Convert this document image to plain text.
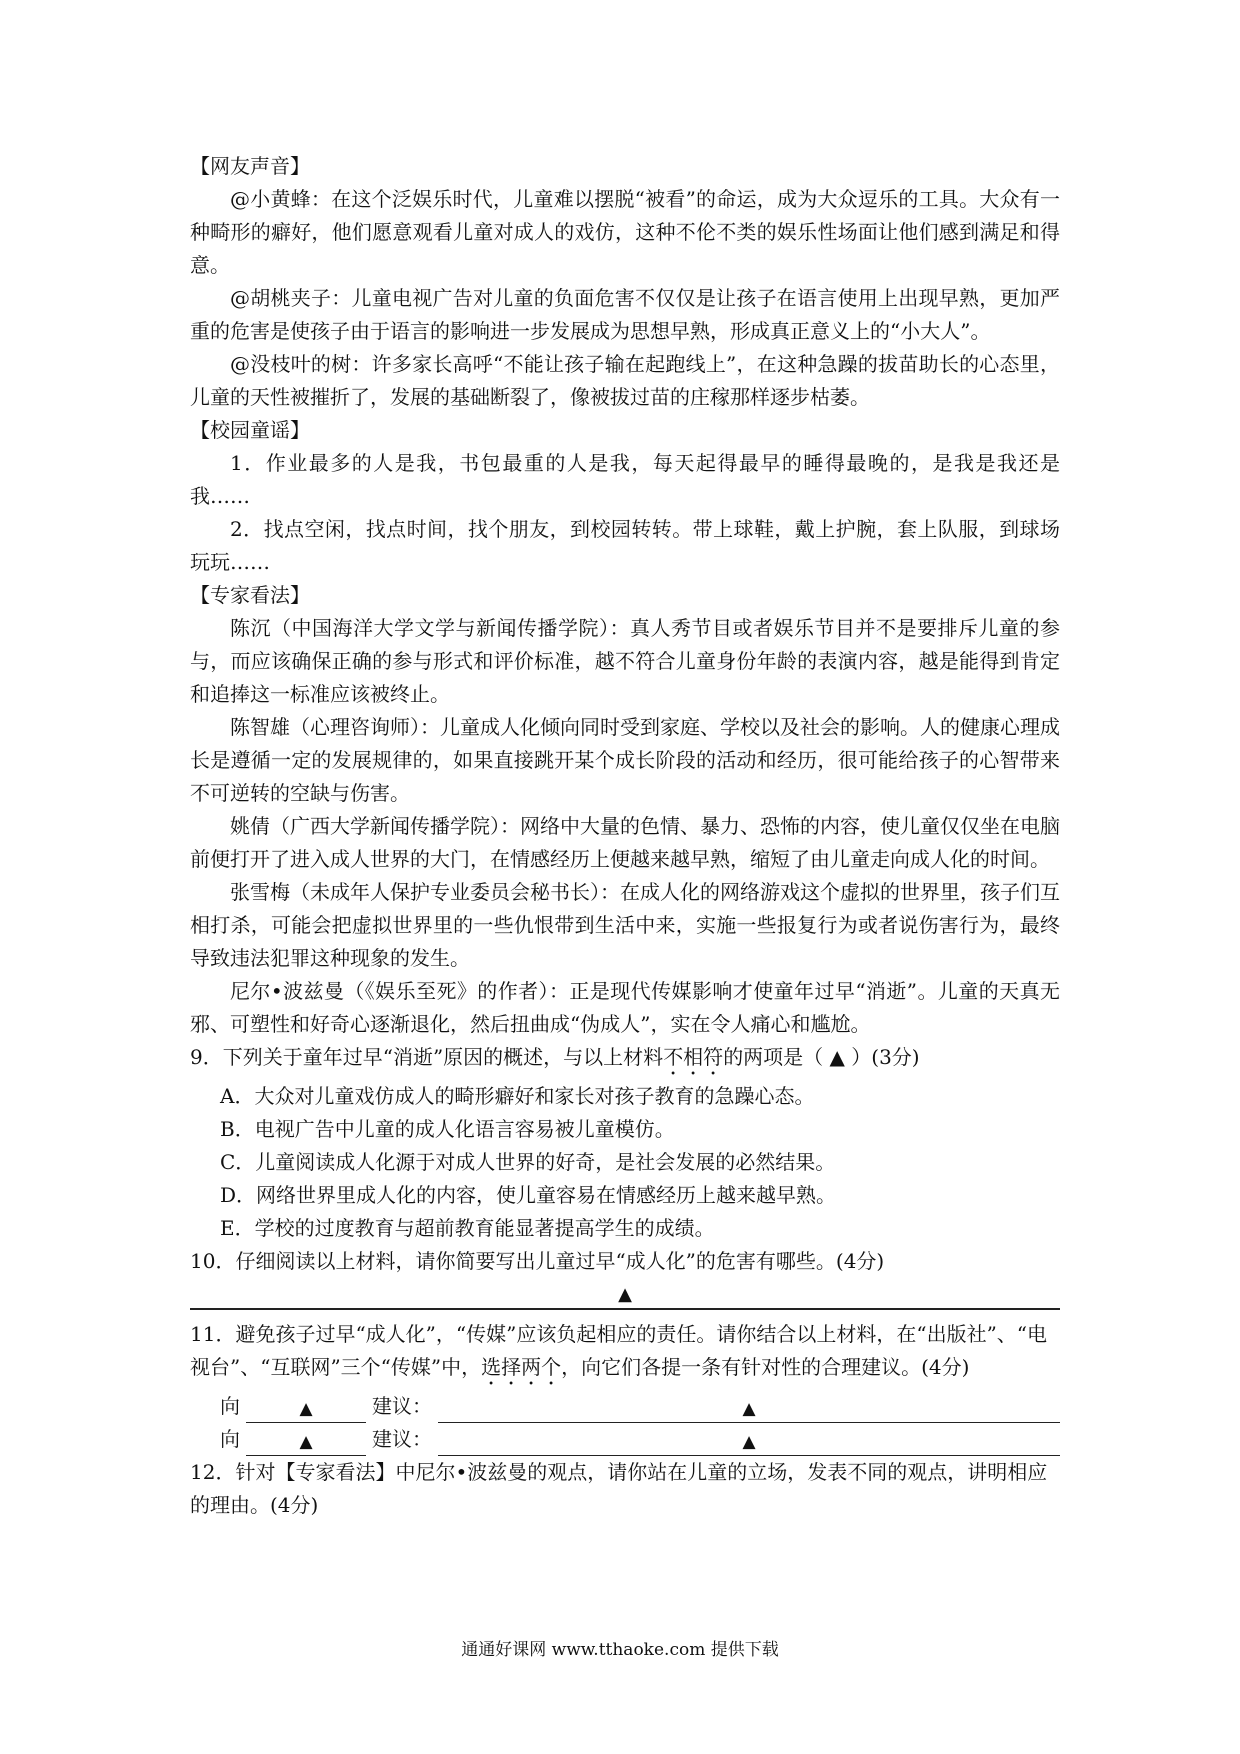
【网友声音】

@小黄蜂：在这个泛娱乐时代，儿童难以摆脱“被看”的命运，成为大众逗乐的工具。大众有一种畸形的癖好，他们愿意观看儿童对成人的戏仿，这种不伦不类的娱乐性场面让他们感到满足和得意。

@胡桃夹子：儿童电视广告对儿童的负面危害不仅仅是让孩子在语言使用上出现早熟，更加严重的危害是使孩子由于语言的影响进一步发展成为思想早熟，形成真正意义上的“小大人”。

@没枝叶的树：许多家长高呼“不能让孩子输在起跑线上”，在这种急躁的拔苗助长的心态里，儿童的天性被摧折了，发展的基础断裂了，像被拔过苗的庄稼那样逐步枯萎。

【校园童谣】

1．作业最多的人是我，书包最重的人是我，每天起得最早的睡得最晚的，是我是我还是我……

2．找点空闲，找点时间，找个朋友，到校园转转。带上球鞋，戴上护腕，套上队服，到球场玩玩……

【专家看法】

陈沉（中国海洋大学文学与新闻传播学院）：真人秀节目或者娱乐节目并不是要排斥儿童的参与，而应该确保正确的参与形式和评价标准，越不符合儿童身份年龄的表演内容，越是能得到肯定和追捧这一标准应该被终止。

陈智雄（心理咨询师）：儿童成人化倾向同时受到家庭、学校以及社会的影响。人的健康心理成长是遵循一定的发展规律的，如果直接跳开某个成长阶段的活动和经历，很可能给孩子的心智带来不可逆转的空缺与伤害。

姚倩（广西大学新闻传播学院）：网络中大量的色情、暴力、恐怖的内容，使儿童仅仅坐在电脑前便打开了进入成人世界的大门，在情感经历上便越来越早熟，缩短了由儿童走向成人化的时间。

张雪梅（未成年人保护专业委员会秘书长）：在成人化的网络游戏这个虚拟的世界里，孩子们互相打杀，可能会把虚拟世界里的一些仇恨带到生活中来，实施一些报复行为或者说伤害行为，最终导致违法犯罪这种现象的发生。

尼尔•波兹曼（《娱乐至死》的作者）：正是现代传媒影响才使童年过早“消逝”。儿童的天真无邪、可塑性和好奇心逐渐退化，然后扭曲成“伪成人”，实在令人痛心和尴尬。

9．下列关于童年过早“消逝”原因的概述，与以上材料不相符的两项是（ ▲ ）(3分)

A．大众对儿童戏仿成人的畸形癖好和家长对孩子教育的急躁心态。

B．电视广告中儿童的成人化语言容易被儿童模仿。

C．儿童阅读成人化源于对成人世界的好奇，是社会发展的必然结果。

D．网络世界里成人化的内容，使儿童容易在情感经历上越来越早熟。

E．学校的过度教育与超前教育能显著提高学生的成绩。

10．仔细阅读以上材料，请你简要写出儿童过早“成人化”的危害有哪些。(4分)

▲

11．避免孩子过早“成人化”，“传媒”应该负起相应的责任。请你结合以上材料，在“出版社”、“电视台”、“互联网”三个“传媒”中，选择两个，向它们各提一条有针对性的合理建议。(4分)

向	▲	建议：	▲
向	▲	建议：	▲

12．针对【专家看法】中尼尔•波兹曼的观点，请你站在儿童的立场，发表不同的观点，讲明相应的理由。(4分)

通通好课网 www.tthaoke.com 提供下载
